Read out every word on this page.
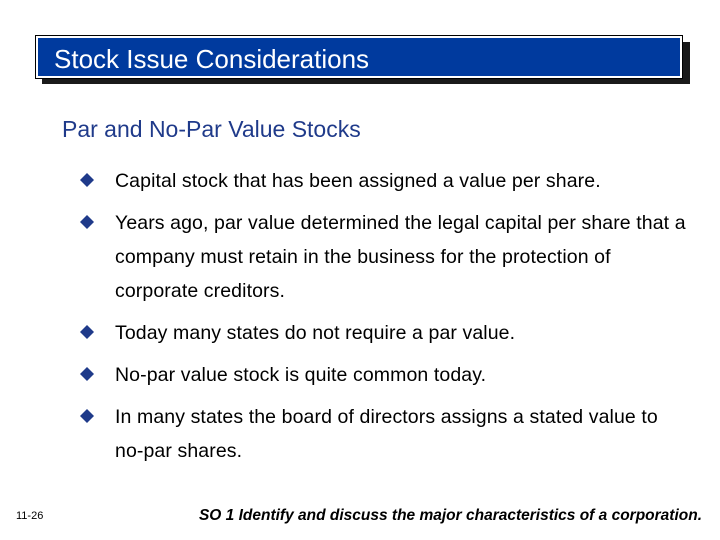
Stock Issue Considerations
Par and No-Par Value Stocks
Capital stock that has been assigned a value per share.
Years ago, par value determined the legal capital per share that a company must retain in the business for the protection of corporate creditors.
Today many states do not require a par value.
No-par value stock is quite common today.
In many states the board of directors assigns a stated value to no-par shares.
11-26	SO 1 Identify and discuss the major characteristics of a corporation.
